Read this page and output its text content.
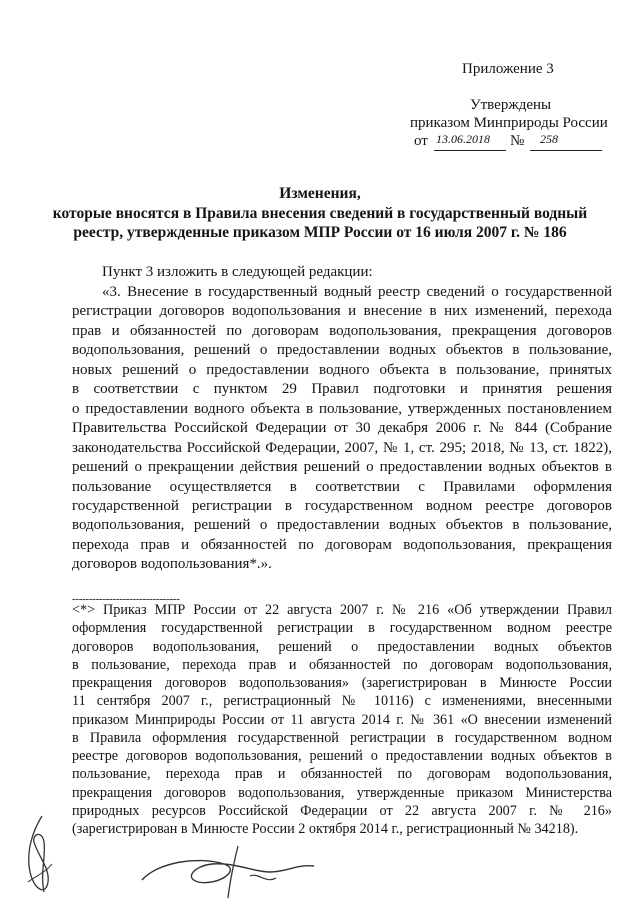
Приложение 3
Утверждены
приказом Минприроды России
от 13.06.2018 № 258
Изменения,
которые вносятся в Правила внесения сведений в государственный водный
реестр, утвержденные приказом МПР России от 16 июля 2007 г. № 186
Пункт 3 изложить в следующей редакции:
«3. Внесение в государственный водный реестр сведений о государственной
регистрации договоров водопользования и внесение в них изменений, перехода
прав и обязанностей по договорам водопользования, прекращения договоров
водопользования, решений о предоставлении водных объектов в пользование,
новых решений о предоставлении водного объекта в пользование, принятых
в соответствии с пунктом 29 Правил подготовки и принятия решения
о предоставлении водного объекта в пользование, утвержденных постановлением
Правительства Российской Федерации от 30 декабря 2006 г. № 844 (Собрание
законодательства Российской Федерации, 2007, № 1, ст. 295; 2018, № 13, ст. 1822),
решений о прекращении действия решений о предоставлении водных объектов в
пользование осуществляется в соответствии с Правилами оформления
государственной регистрации в государственном водном реестре договоров
водопользования, решений о предоставлении водных объектов в пользование,
перехода прав и обязанностей по договорам водопользования, прекращения
договоров водопользования*.».
--------------------------------
<*> Приказ МПР России от 22 августа 2007 г. № 216 «Об утверждении Правил
оформления государственной регистрации в государственном водном реестре
договоров водопользования, решений о предоставлении водных объектов
в пользование, перехода прав и обязанностей по договорам водопользования,
прекращения договоров водопользования» (зарегистрирован в Минюсте России
11 сентября 2007 г., регистрационный № 10116) с изменениями, внесенными
приказом Минприроды России от 11 августа 2014 г. № 361 «О внесении изменений
в Правила оформления государственной регистрации в государственном водном
реестре договоров водопользования, решений о предоставлении водных объектов в
пользование, перехода прав и обязанностей по договорам водопользования,
прекращения договоров водопользования, утвержденные приказом Министерства
природных ресурсов Российской Федерации от 22 августа 2007 г. № 216»
(зарегистрирован в Минюсте России 2 октября 2014 г., регистрационный № 34218).
